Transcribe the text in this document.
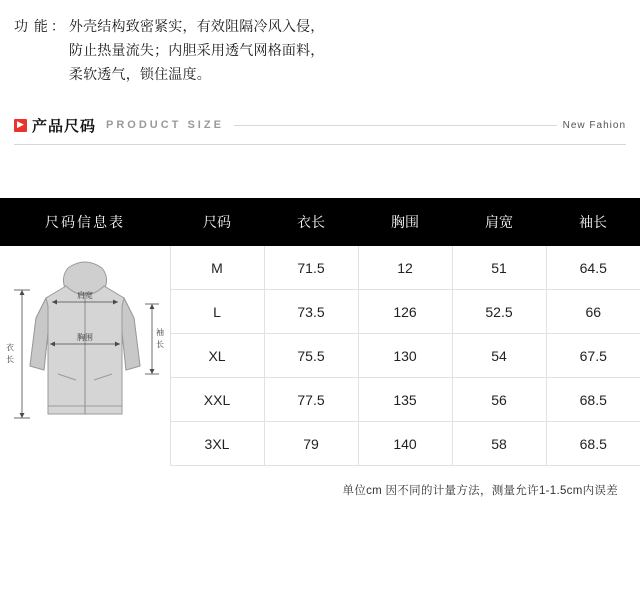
功 能 ： 外壳结构致密紧实，有效阻隔冷风入侵，
防止热量流失；内胆采用透气网格面料，
柔软透气，锁住温度。
▶ 产品尺码 PRODUCT SIZE	New Fahion
尺码信息表	尺码	衣长	胸围	肩宽	袖长

肩宽
胸围
衣
长
袖
长
	M	71.5	12	51	64.5
	L	73.5	126	52.5	66
	XL	75.5	130	54	67.5
	XXL	77.5	135	56	68.5
	3XL	79	140	58	68.5
单位cm 因不同的计量方法，测量允许1-1.5cm内误差
